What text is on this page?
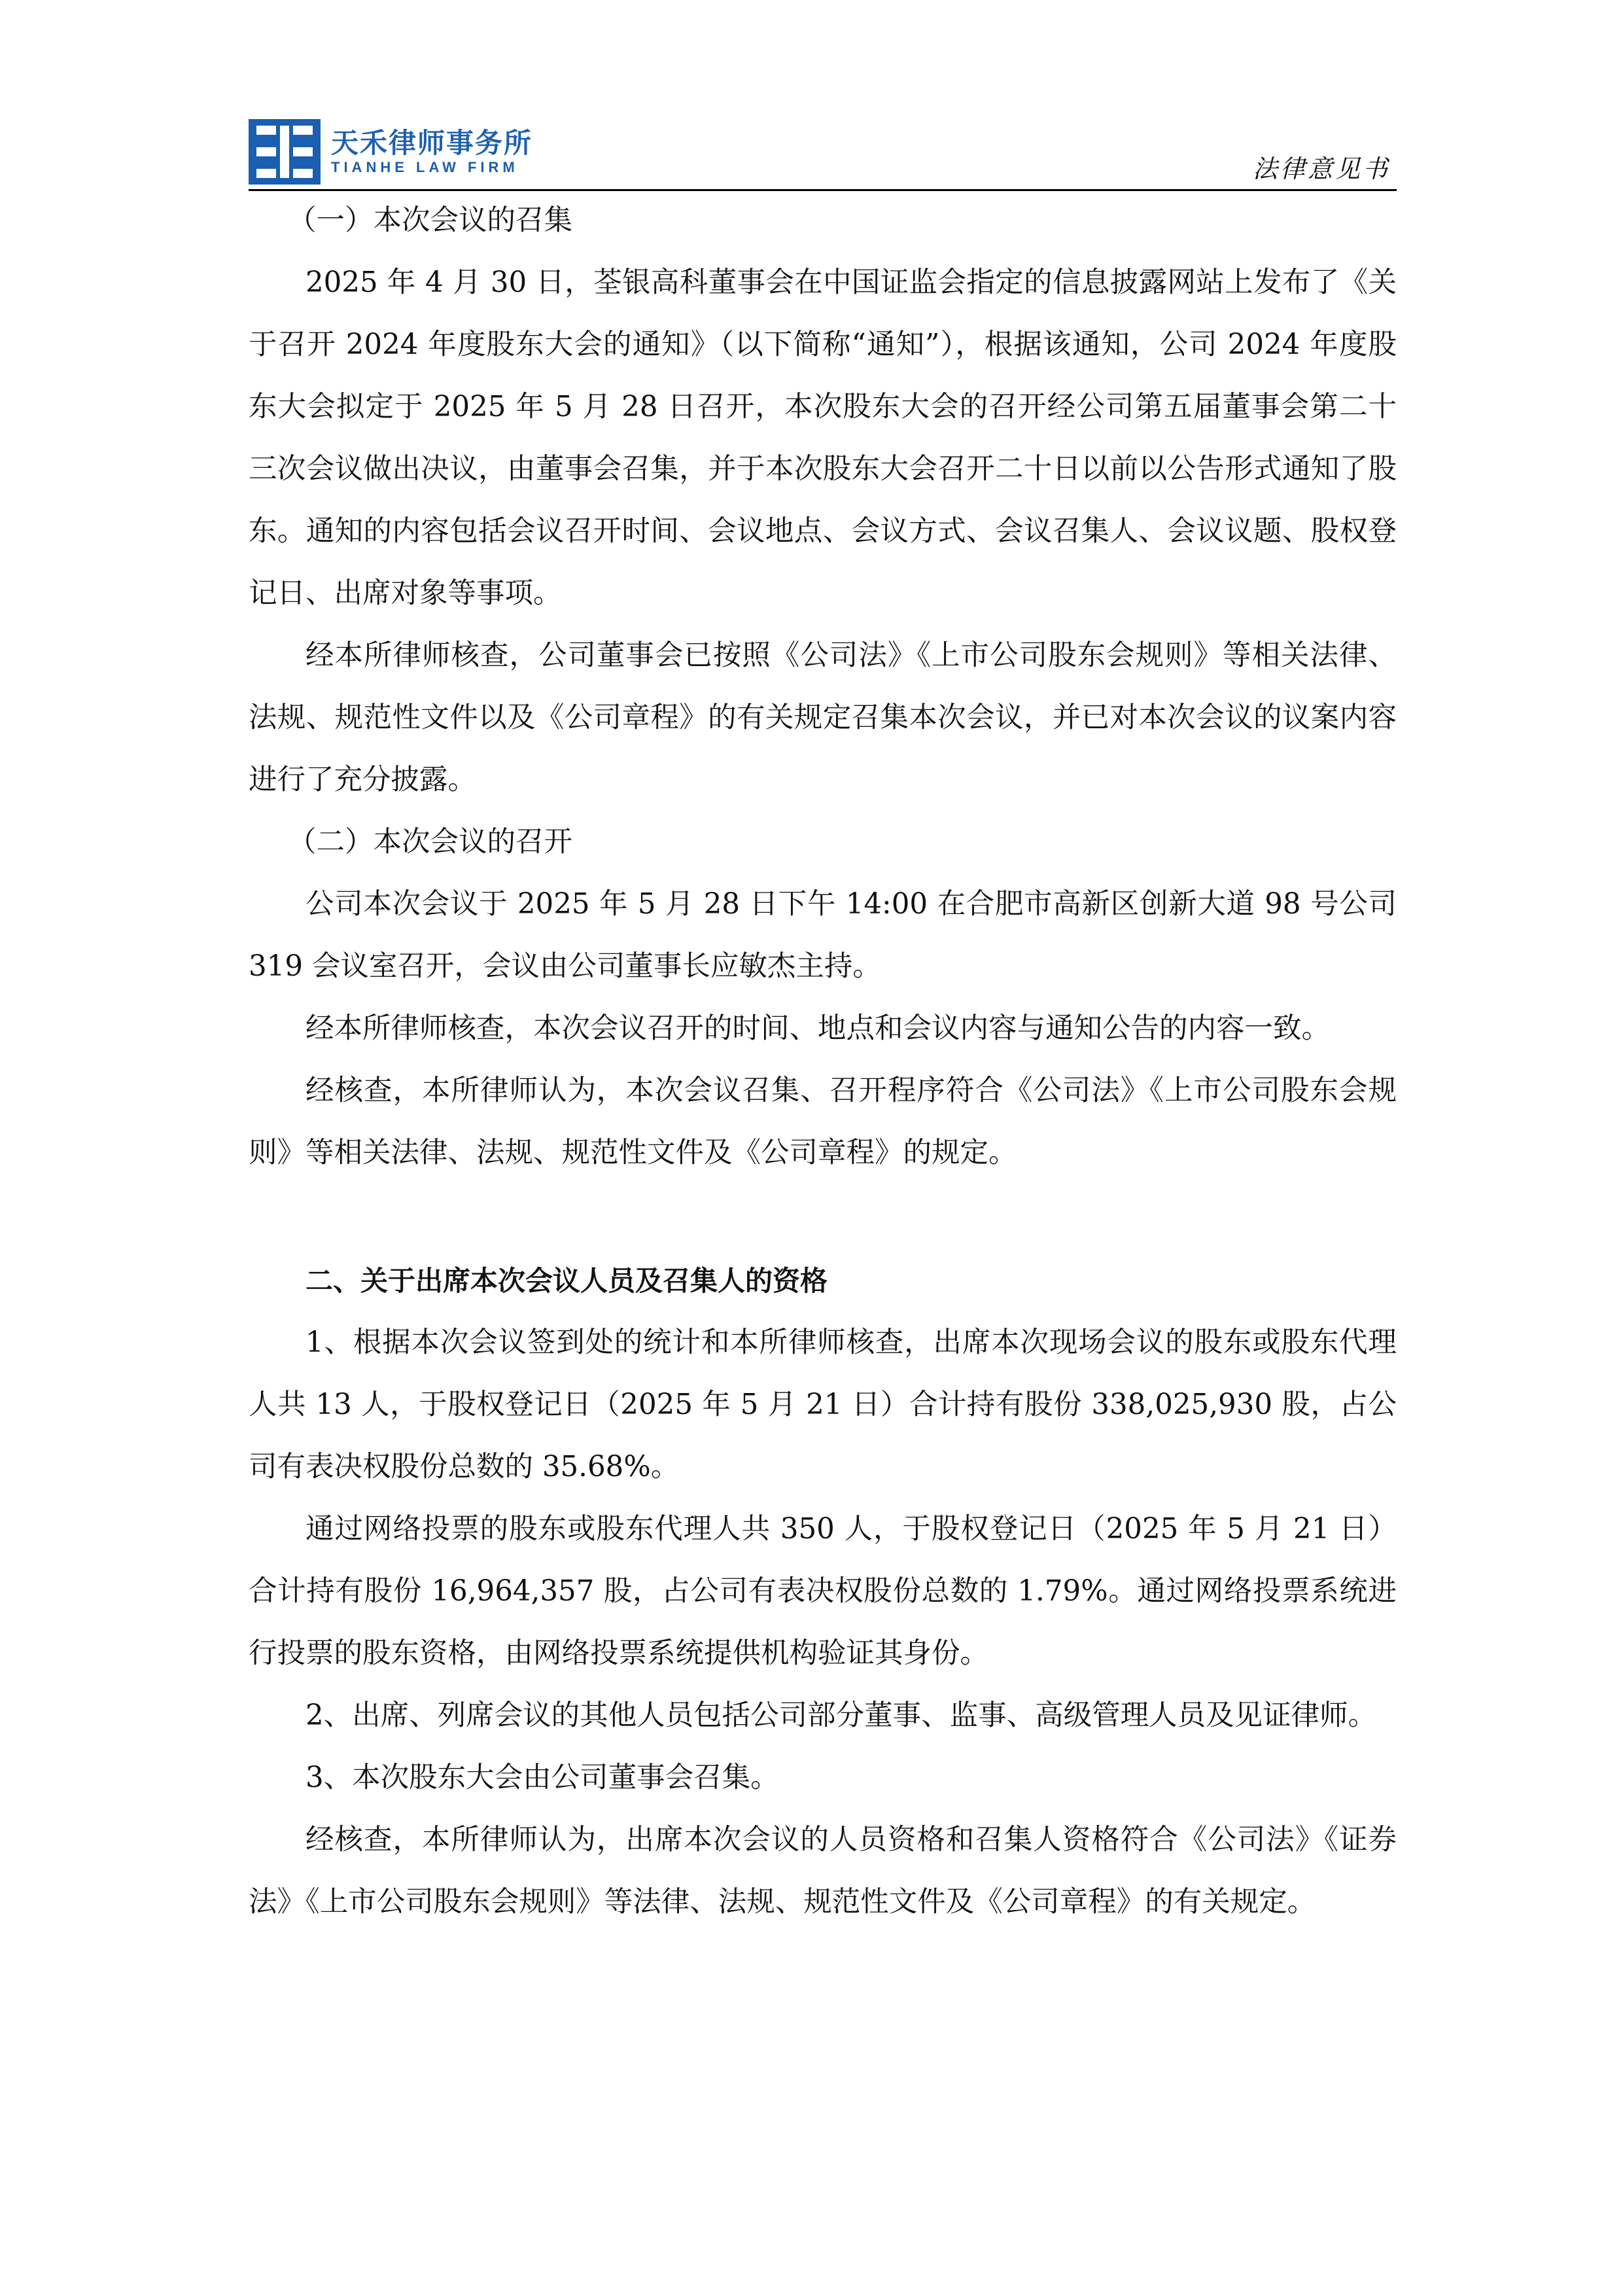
天禾律师事务所
TIANHE LAW FIRM	法律意见书

（一）本次会议的召集

2025 年 4 月 30 日，荃银高科董事会在中国证监会指定的信息披露网站上发布了《关于召开 2024 年度股东大会的通知》（以下简称“通知”），根据该通知，公司 2024 年度股东大会拟定于 2025 年 5 月 28 日召开，本次股东大会的召开经公司第五届董事会第二十三次会议做出决议，由董事会召集，并于本次股东大会召开二十日以前以公告形式通知了股东。通知的内容包括会议召开时间、会议地点、会议方式、会议召集人、会议议题、股权登记日、出席对象等事项。

经本所律师核查，公司董事会已按照《公司法》《上市公司股东会规则》等相关法律、法规、规范性文件以及《公司章程》的有关规定召集本次会议，并已对本次会议的议案内容进行了充分披露。

（二）本次会议的召开

公司本次会议于 2025 年 5 月 28 日下午 14:00 在合肥市高新区创新大道 98 号公司 319 会议室召开，会议由公司董事长应敏杰主持。

经本所律师核查，本次会议召开的时间、地点和会议内容与通知公告的内容一致。

经核查，本所律师认为，本次会议召集、召开程序符合《公司法》《上市公司股东会规则》等相关法律、法规、规范性文件及《公司章程》的规定。

二、关于出席本次会议人员及召集人的资格

1、根据本次会议签到处的统计和本所律师核查，出席本次现场会议的股东或股东代理人共 13 人，于股权登记日（2025 年 5 月 21 日）合计持有股份 338,025,930 股，占公司有表决权股份总数的 35.68%。

通过网络投票的股东或股东代理人共 350 人，于股权登记日（2025 年 5 月 21 日）合计持有股份 16,964,357 股，占公司有表决权股份总数的 1.79%。通过网络投票系统进行投票的股东资格，由网络投票系统提供机构验证其身份。

2、出席、列席会议的其他人员包括公司部分董事、监事、高级管理人员及见证律师。

3、本次股东大会由公司董事会召集。

经核查，本所律师认为，出席本次会议的人员资格和召集人资格符合《公司法》《证券法》《上市公司股东会规则》等法律、法规、规范性文件及《公司章程》的有关规定。
